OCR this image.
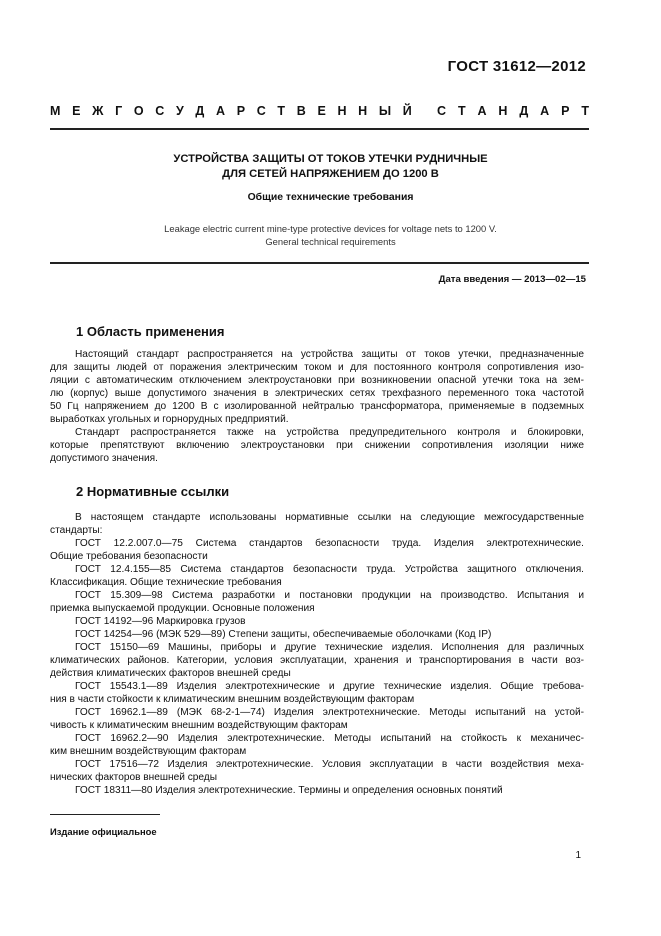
ГОСТ 31612—2012
М Е Ж Г О С У Д А Р С Т В Е Н Н Ы Й С Т А Н Д А Р Т
УСТРОЙСТВА ЗАЩИТЫ ОТ ТОКОВ УТЕЧКИ РУДНИЧНЫЕ
ДЛЯ СЕТЕЙ НАПРЯЖЕНИЕМ ДО 1200 В
Общие технические требования
Leakage electric current mine-type protective devices for voltage nets to 1200 V.
General technical requirements
Дата введения — 2013—02—15
1 Область применения
Настоящий стандарт распространяется на устройства защиты от токов утечки, предназначенные
для защиты людей от поражения электрическим током и для постоянного контроля сопротивления изо-
ляции с автоматическим отключением электроустановки при возникновении опасной утечки тока на зем-
лю (корпус) выше допустимого значения в электрических сетях трехфазного переменного тока частотой
50 Гц напряжением до 1200 В с изолированной нейтралью трансформатора, применяемые в подземных
выработках угольных и горнорудных предприятий.
Стандарт распространяется также на устройства предупредительного контроля и блокировки,
которые препятствуют включению электроустановки при снижении сопротивления изоляции ниже
допустимого значения.
2 Нормативные ссылки
В настоящем стандарте использованы нормативные ссылки на следующие межгосударственные
стандарты:
ГОСТ 12.2.007.0—75 Система стандартов безопасности труда. Изделия электротехнические.
Общие требования безопасности
ГОСТ 12.4.155—85 Система стандартов безопасности труда. Устройства защитного отключения.
Классификация. Общие технические требования
ГОСТ 15.309—98 Система разработки и постановки продукции на производство. Испытания и
приемка выпускаемой продукции. Основные положения
ГОСТ 14192—96 Маркировка грузов
ГОСТ 14254—96 (МЭК 529—89) Степени защиты, обеспечиваемые оболочками (Код IP)
ГОСТ 15150—69 Машины, приборы и другие технические изделия. Исполнения для различных
климатических районов. Категории, условия эксплуатации, хранения и транспортирования в части воз-
действия климатических факторов внешней среды
ГОСТ 15543.1—89 Изделия электротехнические и другие технические изделия. Общие требова-
ния в части стойкости к климатическим внешним воздействующим факторам
ГОСТ 16962.1—89 (МЭК 68-2-1—74) Изделия электротехнические. Методы испытаний на устой-
чивость к климатическим внешним воздействующим факторам
ГОСТ 16962.2—90 Изделия электротехнические. Методы испытаний на стойкость к механичес-
ким внешним воздействующим факторам
ГОСТ 17516—72 Изделия электротехнические. Условия эксплуатации в части воздействия меха-
нических факторов внешней среды
ГОСТ 18311—80 Изделия электротехнические. Термины и определения основных понятий
Издание официальное
1
